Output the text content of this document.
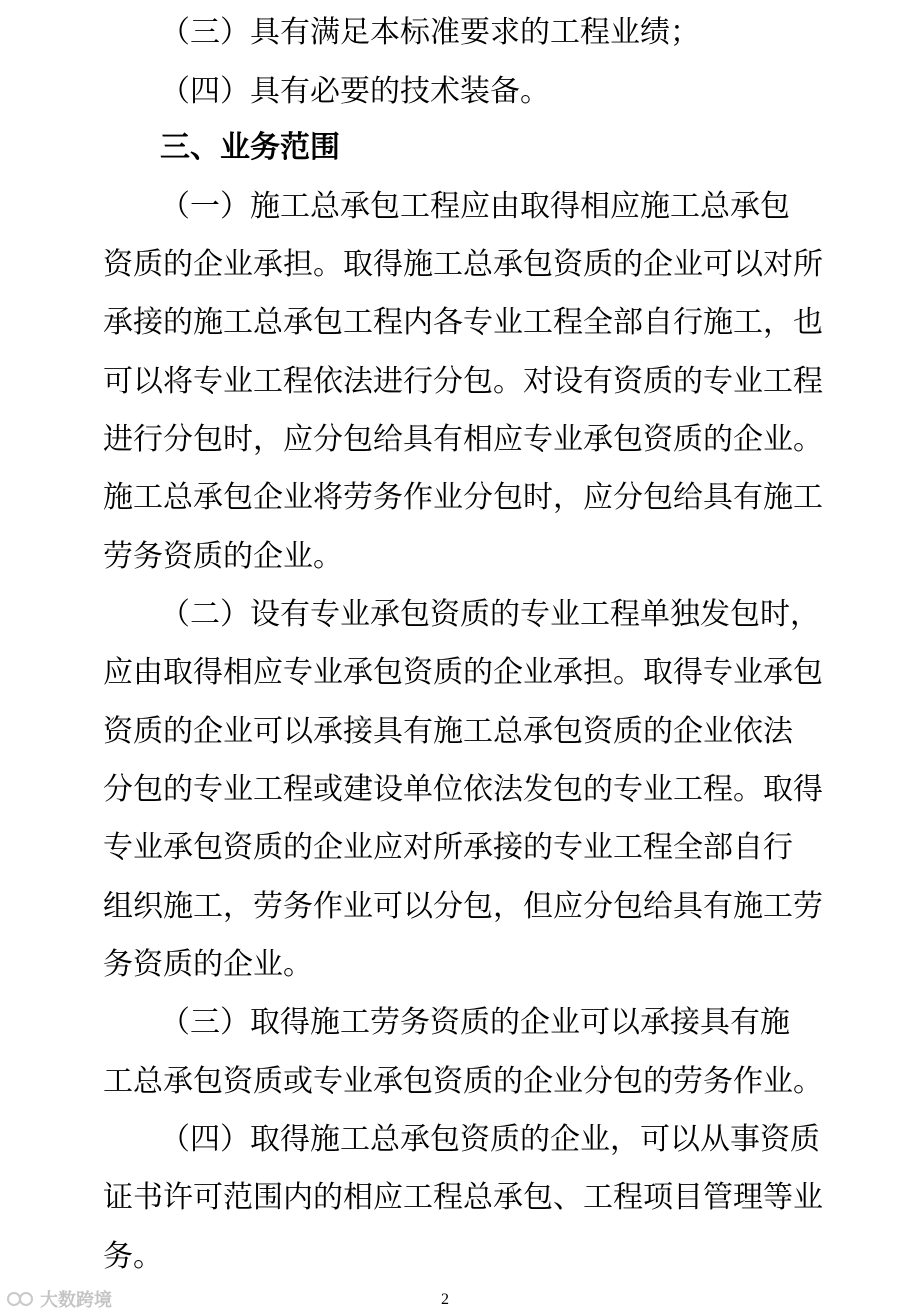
（三）具有满足本标准要求的工程业绩；
（四）具有必要的技术装备。
三、业务范围
（一）施工总承包工程应由取得相应施工总承包
资质的企业承担。取得施工总承包资质的企业可以对所
承接的施工总承包工程内各专业工程全部自行施工，也
可以将专业工程依法进行分包。对设有资质的专业工程
进行分包时，应分包给具有相应专业承包资质的企业。
施工总承包企业将劳务作业分包时，应分包给具有施工
劳务资质的企业。
（二）设有专业承包资质的专业工程单独发包时，
应由取得相应专业承包资质的企业承担。取得专业承包
资质的企业可以承接具有施工总承包资质的企业依法
分包的专业工程或建设单位依法发包的专业工程。取得
专业承包资质的企业应对所承接的专业工程全部自行
组织施工，劳务作业可以分包，但应分包给具有施工劳
务资质的企业。
（三）取得施工劳务资质的企业可以承接具有施
工总承包资质或专业承包资质的企业分包的劳务作业。
（四）取得施工总承包资质的企业，可以从事资质
证书许可范围内的相应工程总承包、工程项目管理等业
务。
2
大数跨境
